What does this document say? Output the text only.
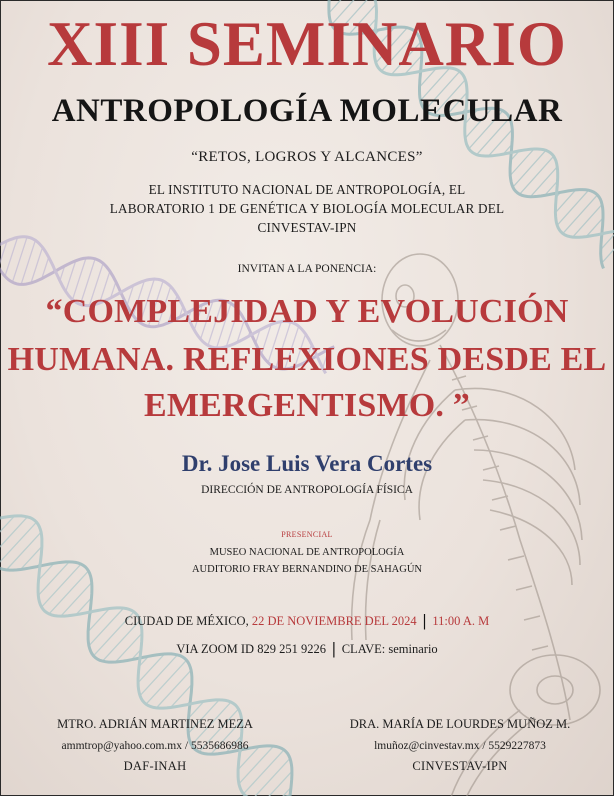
XIII SEMINARIO
ANTROPOLOGÍA MOLECULAR

“RETOS, LOGROS Y ALCANCES”

EL INSTITUTO NACIONAL DE ANTROPOLOGÍA, EL

LABORATORIO 1 DE GENÉTICA Y BIOLOGÍA MOLECULAR DEL

CINVESTAV-IPN

INVITAN A LA PONENCIA:

“COMPLEJIDAD Y EVOLUCIÓN

HUMANA. REFLEXIONES DESDE EL

EMERGENTISMO. ”

Dr. Jose Luis Vera Cortes

DIRECCIÓN DE ANTROPOLOGÍA FÍSICA

PRESENCIAL

MUSEO NACIONAL DE ANTROPOLOGÍA

AUDITORIO FRAY BERNANDINO DE SAHAGÚN

CIUDAD DE MÉXICO, 22 DE NOVIEMBRE DEL 2024 | 11:00 A. M

VIA ZOOM ID 829 251 9226 | CLAVE: seminario

MTRO. ADRIÁN MARTINEZ MEZA
ammtrop@yahoo.com.mx / 5535686986
DAF-INAH
DRA. MARÍA DE LOURDES MUÑOZ M.
lmuñoz@cinvestav.mx / 5529227873
CINVESTAV-IPN
